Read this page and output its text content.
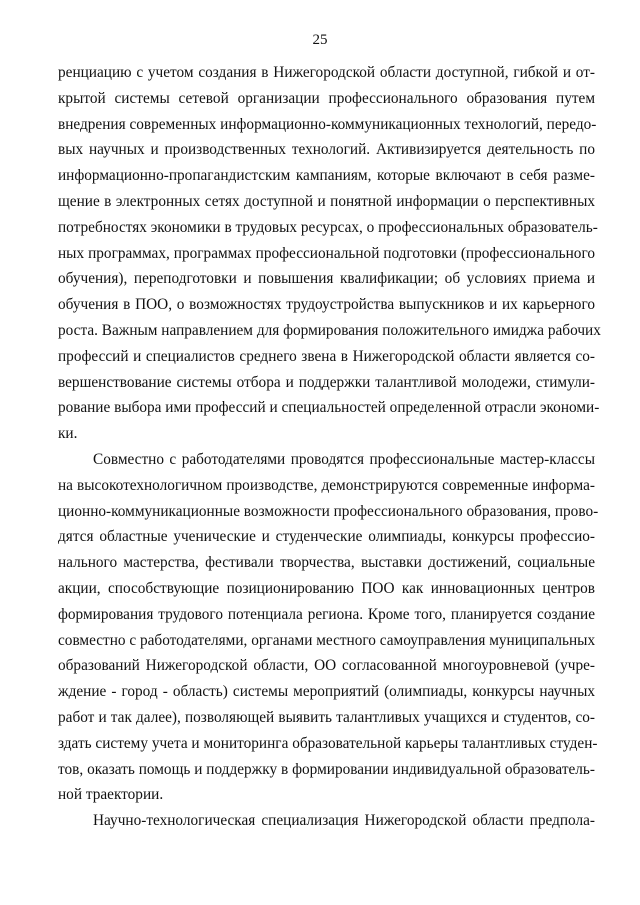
25
ренциацию с учетом создания в Нижегородской области доступной, гибкой и от-
крытой системы сетевой организации профессионального образования путем
внедрения современных информационно-коммуникационных технологий, передо-
вых научных и производственных технологий. Активизируется деятельность по
информационно-пропагандистским кампаниям, которые включают в себя разме-
щение в электронных сетях доступной и понятной информации о перспективных
потребностях экономики в трудовых ресурсах, о профессиональных образователь-
ных программах, программах профессиональной подготовки (профессионального
обучения), переподготовки и повышения квалификации; об условиях приема и
обучения в ПОО, о возможностях трудоустройства выпускников и их карьерного
роста. Важным направлением для формирования положительного имиджа рабочих
профессий и специалистов среднего звена в Нижегородской области является со-
вершенствование системы отбора и поддержки талантливой молодежи, стимули-
рование выбора ими профессий и специальностей определенной отрасли экономи-
ки.
Совместно с работодателями проводятся профессиональные мастер-классы
на высокотехнологичном производстве, демонстрируются современные информа-
ционно-коммуникационные возможности профессионального образования, прово-
дятся областные ученические и студенческие олимпиады, конкурсы профессио-
нального мастерства, фестивали творчества, выставки достижений, социальные
акции, способствующие позиционированию ПОО как инновационных центров
формирования трудового потенциала региона. Кроме того, планируется создание
совместно с работодателями, органами местного самоуправления муниципальных
образований Нижегородской области, ОО согласованной многоуровневой (учре-
ждение - город - область) системы мероприятий (олимпиады, конкурсы научных
работ и так далее), позволяющей выявить талантливых учащихся и студентов, со-
здать систему учета и мониторинга образовательной карьеры талантливых студен-
тов, оказать помощь и поддержку в формировании индивидуальной образователь-
ной траектории.
Научно-технологическая специализация Нижегородской области предпола-
